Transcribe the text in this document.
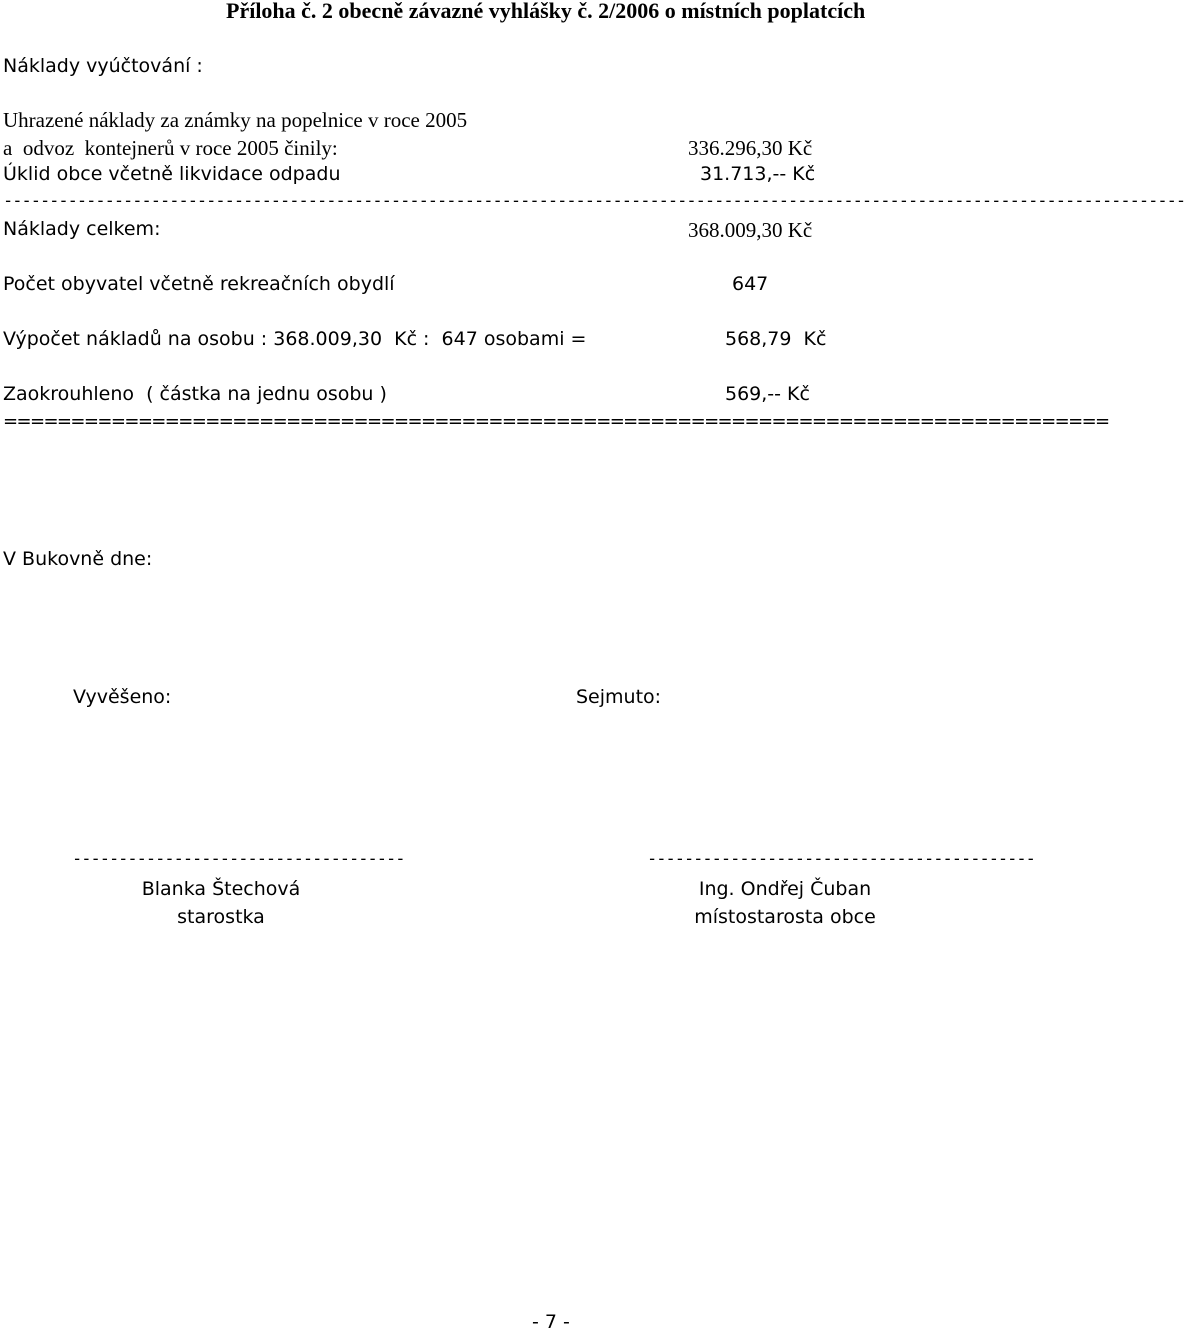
Příloha č. 2 obecně závazné vyhlášky č. 2/2006 o místních poplatcích
Náklady vyúčtování :
Uhrazené náklady za známky na popelnice v roce 2005
a  odvoz  kontejnerů v roce 2005 činily:	336.296,30 Kč
Úklid obce včetně likvidace odpadu	31.713,-- Kč
--------------------------------------------------------------------------------------------------------------------------------
Náklady celkem:	368.009,30 Kč
Počet obyvatel včetně rekreačních obydlí	647
Výpočet nákladů na osobu : 368.009,30  Kč :  647 osobami =	568,79  Kč
Zaokrouhleno  ( částka na jednu osobu )	569,-- Kč
==================================================================================
V Bukovně dne:
Vyvěšeno:	Sejmuto:
------------------------------------	------------------------------------------
Blanka Štechová
starostka
Ing. Ondřej Čuban
místostarosta obce
- 7 -
